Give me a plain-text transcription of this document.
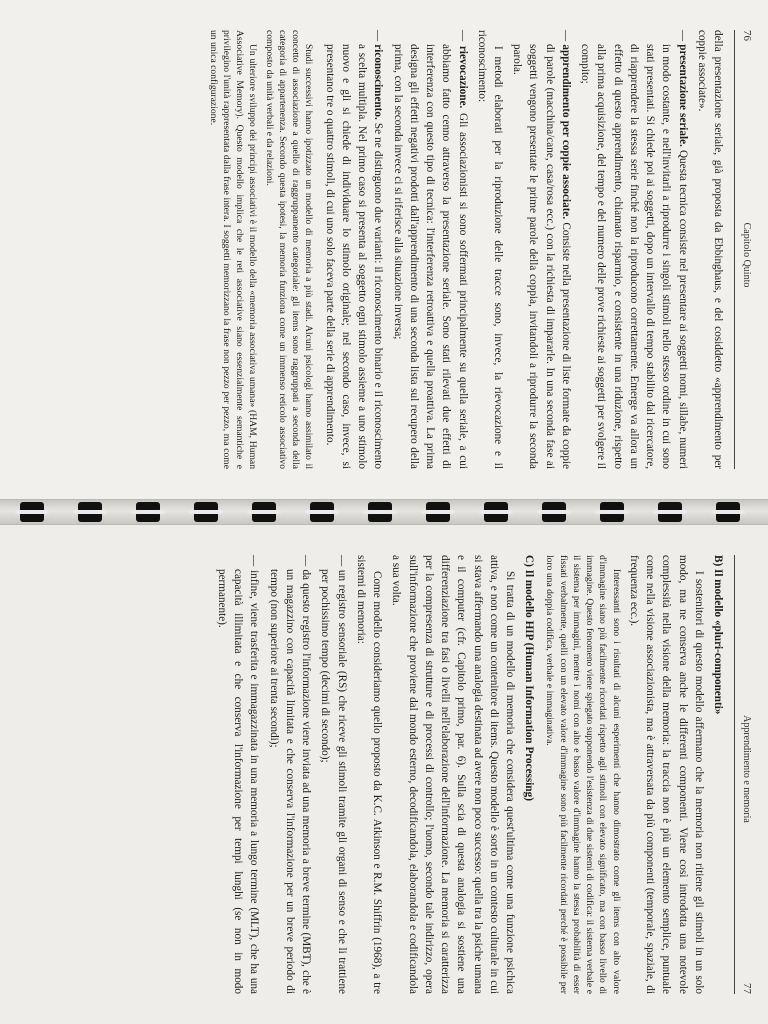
76
Capitolo Quinto

della presentazione seriale, già proposta da Ebbinghaus, e del cosiddetto «apprendimento per coppie associate».

— presentazione seriale. Questa tecnica consiste nel presentare ai soggetti nomi, sillabe, numeri in modo costante, e nell'invitarli a riprodurre i singoli stimoli nello stesso ordine in cui sono stati presentati. Si chiede poi ai soggetti, dopo un intervallo di tempo stabilito dal ricercatore, di riapprendere la stessa serie finché non la riproducono correttamente. Emerge va allora un effetto di questo apprendimento, chiamato risparmio, e consistente in una riduzione, rispetto alla prima acquisizione, del tempo e del numero delle prove richieste ai soggetti per svolgere il compito;

— apprendimento per coppie associate. Consiste nella presentazione di liste formate da coppie di parole (macchina/cane, casa/rosa ecc.) con la richiesta di impararle. In una seconda fase ai soggetti vengono presentate le prime parole della coppia, invitandoli a riprodurre la seconda parola.

I metodi elaborati per la riproduzione delle tracce sono, invece, la rievocazione e il riconoscimento:

— rievocazione. Gli associazionisti si sono soffermati principalmente su quella seriale, a cui abbiamo fatto cenno attraverso la presentazione seriale. Sono stati rilevati due effetti di interferenza con questo tipo di tecnica: l'interferenza retroattiva e quella proattiva. La prima designa gli effetti negativi prodotti dall'apprendimento di una seconda lista sul recupero della prima, con la seconda invece ci si riferisce alla situazione inversa;

— riconoscimento. Se ne distinguono due varianti: il riconoscimento binario e il riconoscimento a scelta multipla. Nel primo caso si presenta al soggetto ogni stimolo assieme a uno stimolo nuovo e gli si chiede di individuare lo stimolo originale; nel secondo caso, invece, si presentano tre o quattro stimoli, di cui uno solo faceva parte della serie di apprendimento.

Studi successivi hanno ipotizzato un modello di memoria a più stadi. Alcuni psicologi hanno assimilato il concetto di associazione a quello di raggruppamento categoriale: gli items sono raggruppati a seconda della categoria di appartenenza. Secondo questa ipotesi, la memoria funziona come un immenso reticolo associativo composto da unità verbali e da relazioni.

Un ulteriore sviluppo dei principi associativi è il modello della «memoria associativa umana» (HAM, Human Associative Memory). Questo modello implica che le reti associative siano essenzialmente semantiche e privilegino l'unità rappresentata dalla frase intera. I soggetti memorizzano la frase non pezzo per pezzo, ma come un unica configurazione.

Apprendimento e memoria
77

B) Il modello «pluri-componenti»

I sostenitori di questo modello affermano che la memoria non ritiene gli stimoli in un solo modo, ma ne conserva anche le differenti componenti. Viene così introdotta una notevole complessità nella visione della memoria: la traccia non è più un elemento semplice, puntuale come nella visione associazionista, ma è attraversata da più componenti (temporale, spaziale, di frequenza ecc.).

Interessanti sono i risultati di alcuni esperimenti che hanno dimostrato come gli items con alto valore d'immagine siano più facilmente ricordati rispetto agli stimoli con elevato significato, ma con basso livello di immagine. Questo fenomeno viene spiegato supponendo l'esistenza di due sistemi di codifica: il sistema verbale e il sistema per immagini, mentre i nomi con alto e basso valore d'immagine hanno la stessa probabilità di esser fissati verbalmente, quelli con un elevato valore d'immagine sono più facilmente ricordati perché è possibile per loro una doppia codifica, verbale e immaginativa.

C) Il modello HIP (Human Information Processing)

Si tratta di un modello di memoria che considera quest'ultima come una funzione psichica attiva, e non come un contenitore di items. Questo modello è sorto in un contesto culturale in cui si stava affermando una analogia destinata ad avere non poco successo: quella tra la psiche umana e il computer (cfr. Capitolo primo, par. 6). Sulla scia di questa analogia si sostiene una differenziazione tra fasi o livelli nell'elaborazione dell'informazione. La memoria si caratterizza per la compresenza di strutture e di processi di controllo; l'uomo, secondo tale indirizzo, opera sull'informazione che proviene dal mondo esterno, decodificandola, elaborandola e codificandola a sua volta.

Come modello consideriamo quello proposto da K.C. Atkinson e R.M. Shiffrin (1968), a tre sistemi di memoria:

— un registro sensoriale (RS) che riceve gli stimoli tramite gli organi di senso e che li trattiene per pochissimo tempo (decimi di secondo);

— da questo registro l'informazione viene inviata ad una memoria a breve termine (MBT), che è un magazzino con capacità limitata e che conserva l'informazione per un breve periodo di tempo (non superiore ai trenta secondi);

— infine, viene trasferita e immagazzinata in una memoria a lungo termine (MLT), che ha una capacità illimitata e che conserva l'informazione per tempi lunghi (se non in modo permanente).
